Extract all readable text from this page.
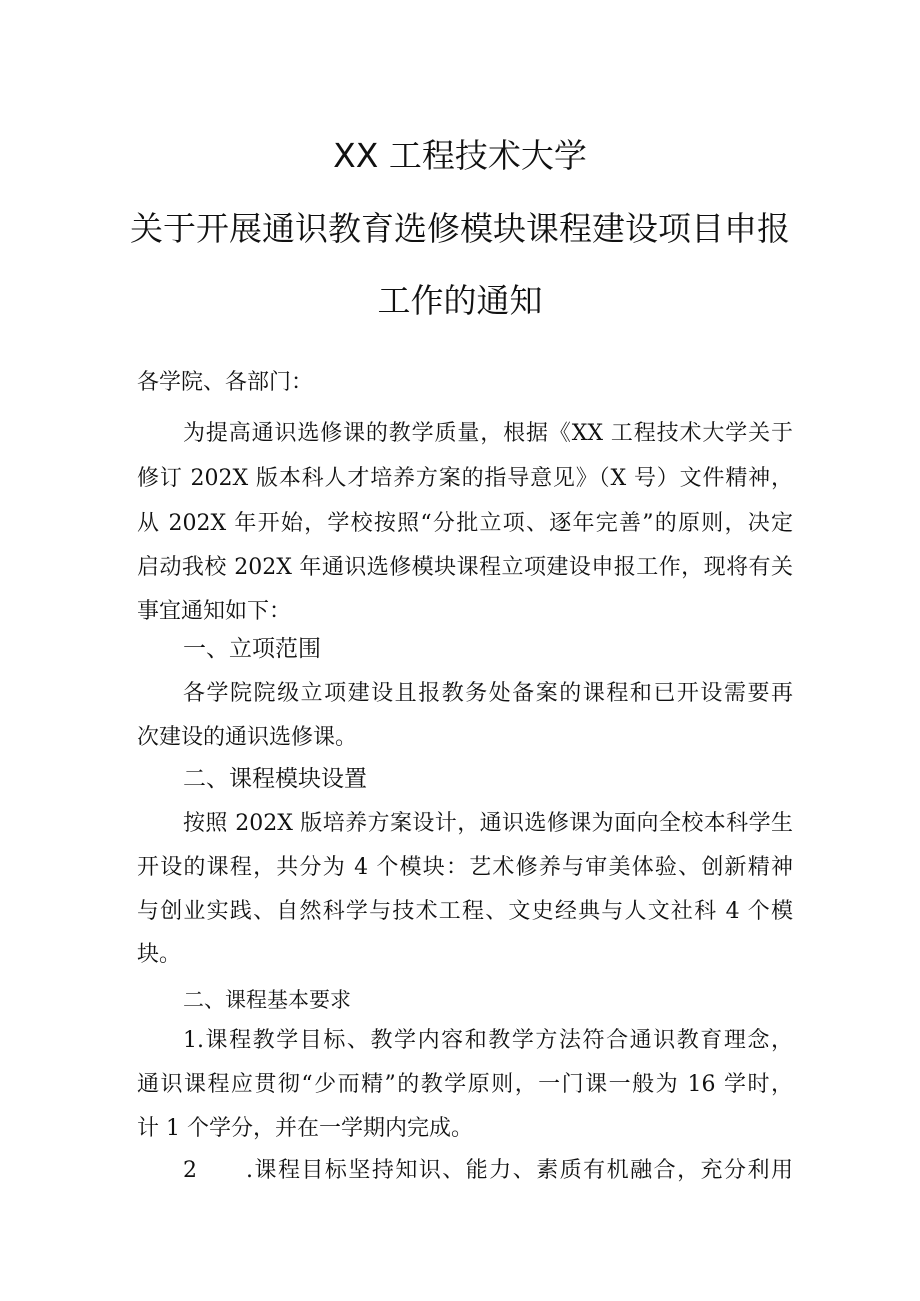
XX 工程技术大学
关于开展通识教育选修模块课程建设项目申报
工作的通知
各学院、各部门：
为提高通识选修课的教学质量，根据《XX 工程技术大学关于
修订 202X 版本科人才培养方案的指导意见》（X 号）文件精神，
从 202X 年开始，学校按照“分批立项、逐年完善”的原则，决定
启动我校 202X 年通识选修模块课程立项建设申报工作，现将有关
事宜通知如下：
一、立项范围
各学院院级立项建设且报教务处备案的课程和已开设需要再
次建设的通识选修课。
二、课程模块设置
按照 202X 版培养方案设计，通识选修课为面向全校本科学生
开设的课程，共分为 4 个模块：艺术修养与审美体验、创新精神
与创业实践、自然科学与技术工程、文史经典与人文社科 4 个模
块。
二、课程基本要求
1.课程教学目标、教学内容和教学方法符合通识教育理念，
通识课程应贯彻“少而精”的教学原则，一门课一般为 16 学时，
计 1 个学分，并在一学期内完成。
2 .课程目标坚持知识、能力、素质有机融合，充分利用
